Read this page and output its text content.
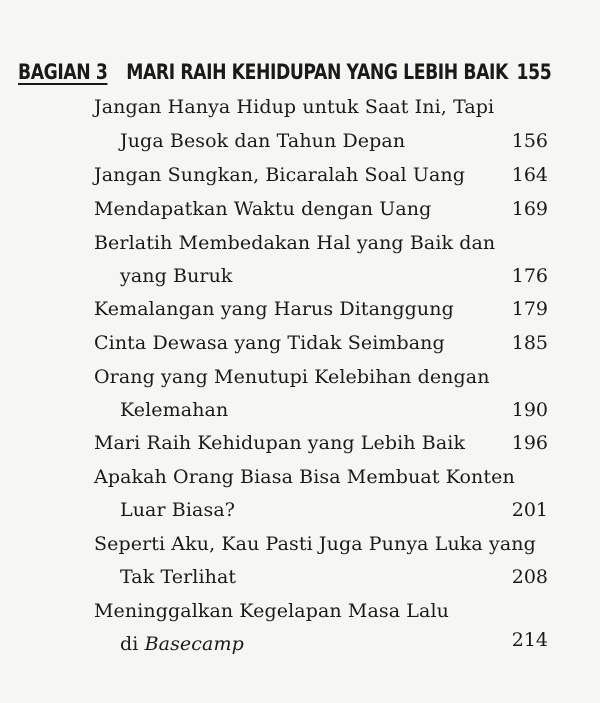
BAGIAN 3 MARI RAIH KEHIDUPAN YANG LEBIH BAIK 155
Jangan Hanya Hidup untuk Saat Ini, Tapi
Juga Besok dan Tahun Depan	156
Jangan Sungkan, Bicaralah Soal Uang 164
Mendapatkan Waktu dengan Uang	169
Berlatih Membedakan Hal yang Baik dan
yang Buruk	176
Kemalangan yang Harus Ditanggung	179
Cinta Dewasa yang Tidak Seimbang	185
Orang yang Menutupi Kelebihan dengan
Kelemahan	190
Mari Raih Kehidupan yang Lebih Baik 196
Apakah Orang Biasa Bisa Membuat Konten
Luar Biasa?	201
Seperti Aku, Kau Pasti Juga Punya Luka yang
Tak Terlihat	208
Meninggalkan Kegelapan Masa Lalu
di Basecamp	214
